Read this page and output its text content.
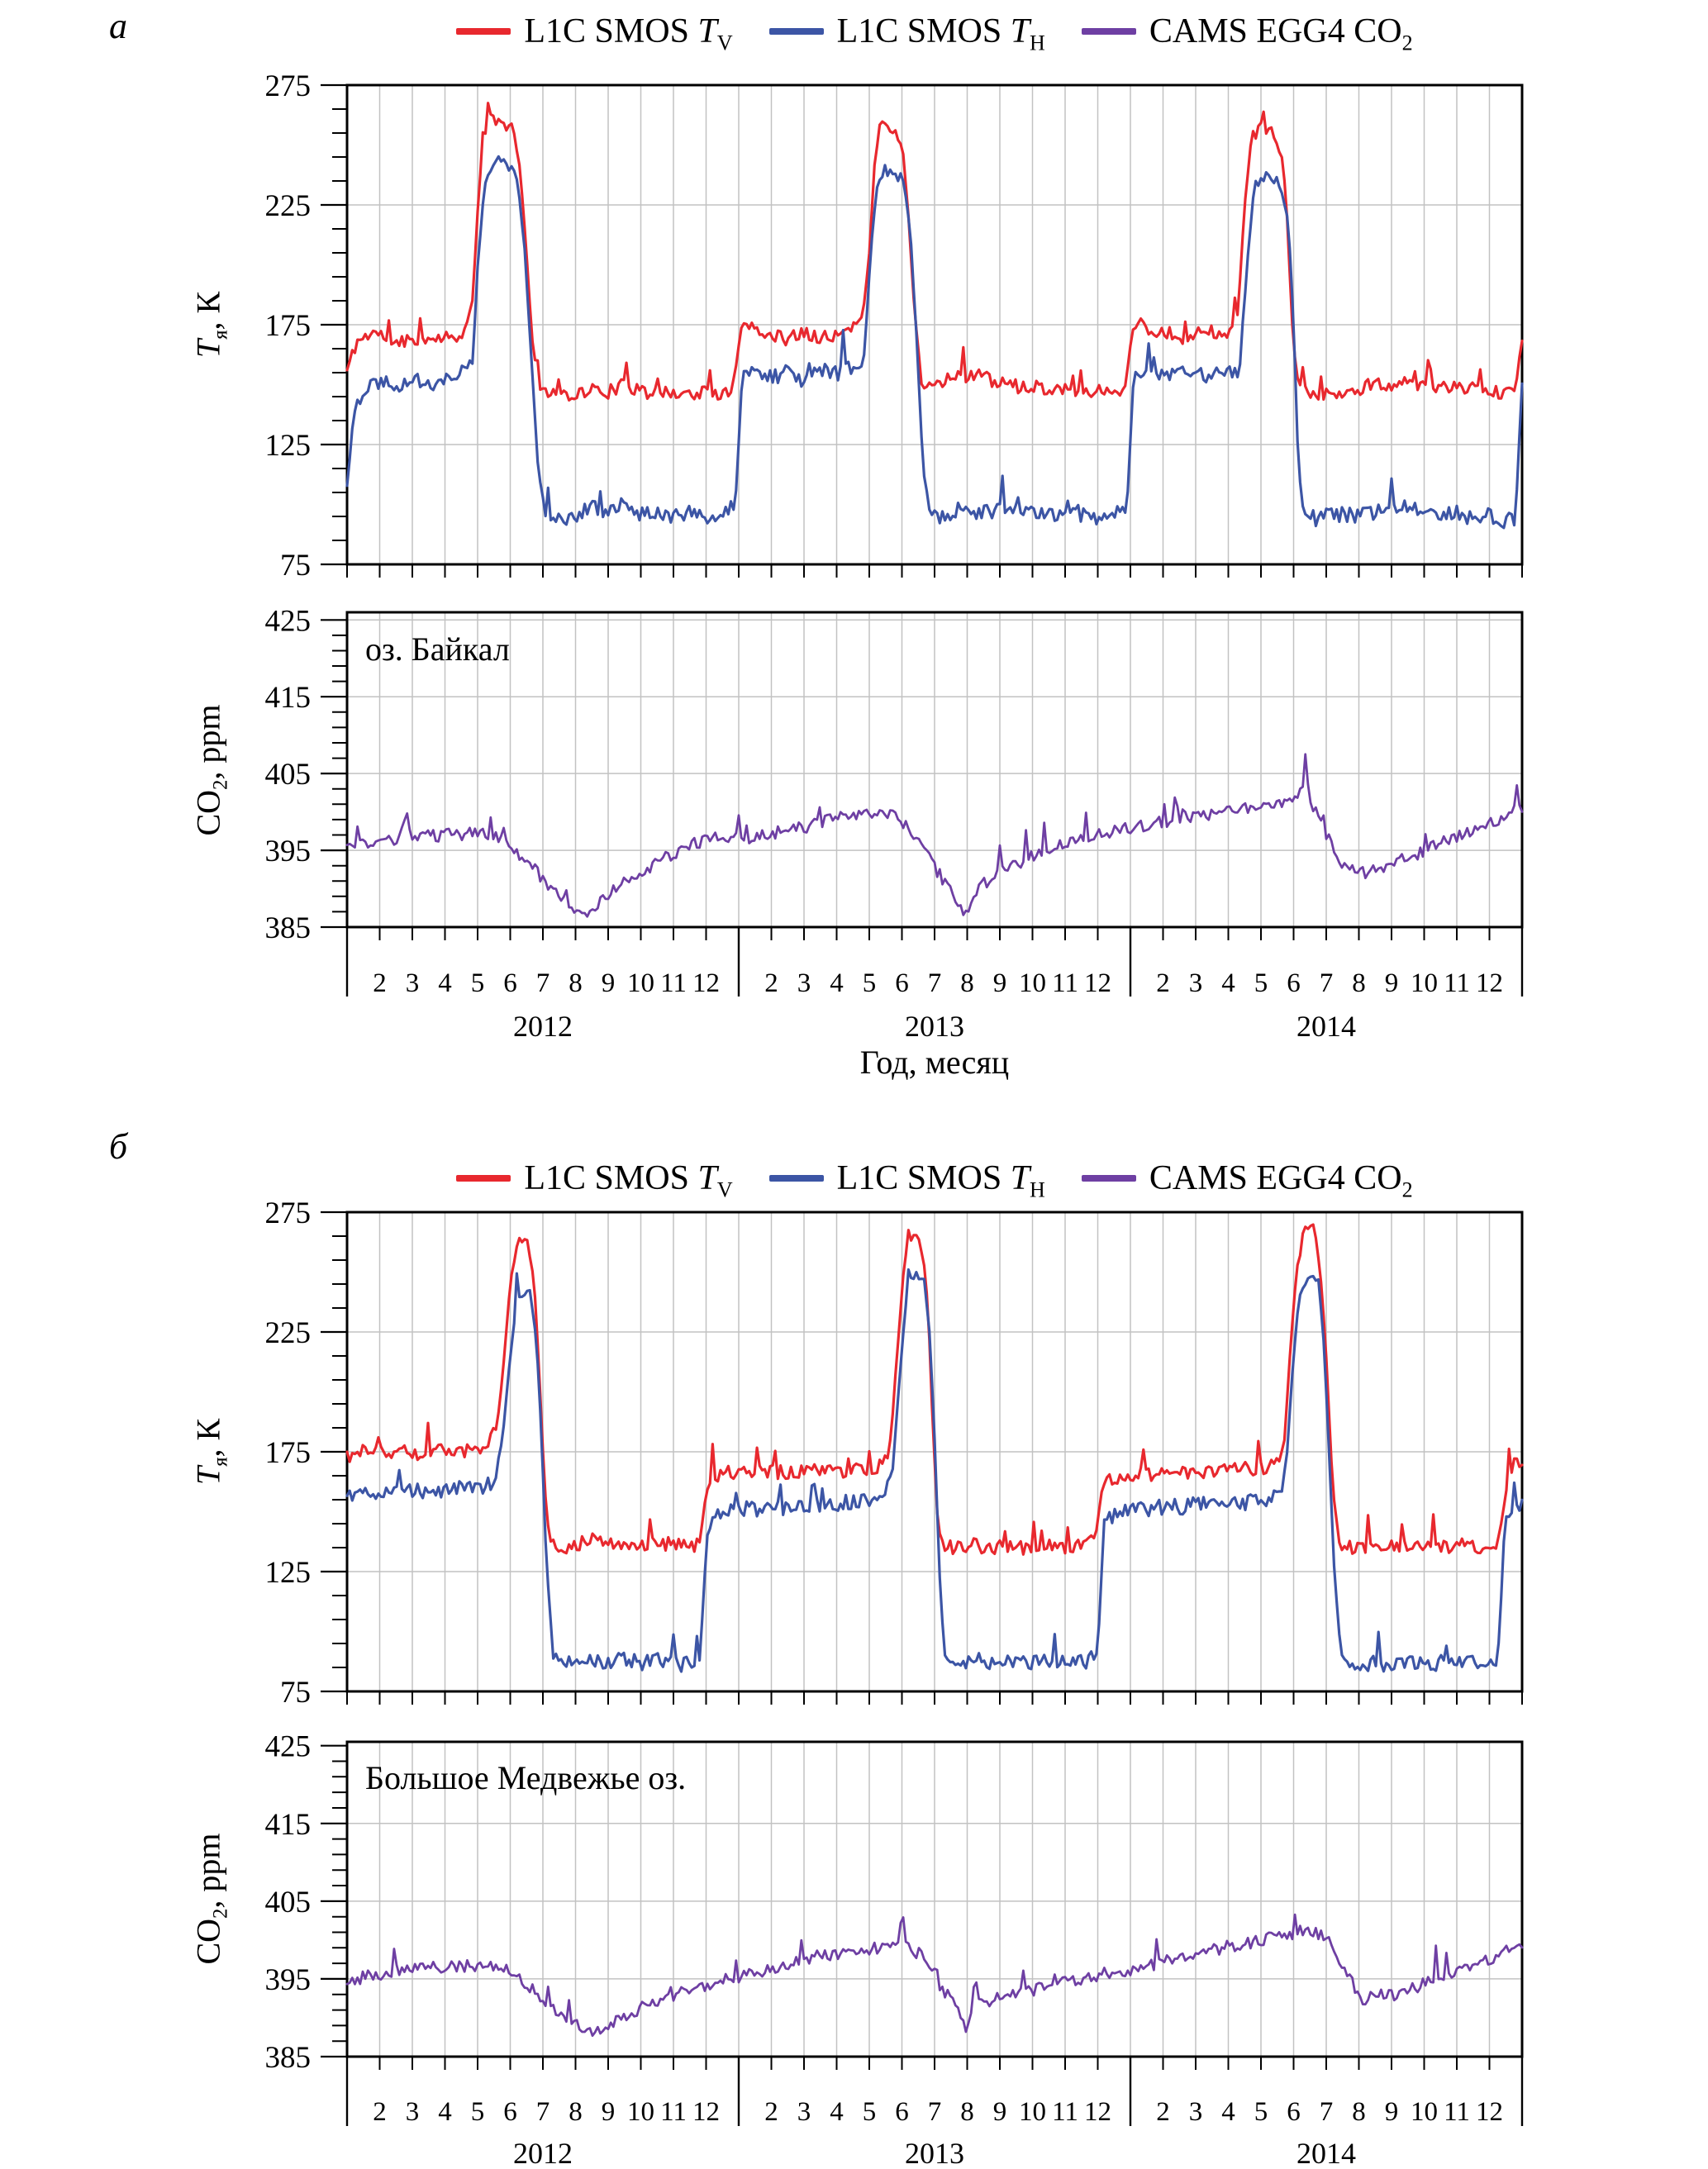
75
125
175
225
275
385
395
405
415
425
2 3 4 5 6 7 8 9 10 11 12
2012
2 3 4 5 6 7 8 9 10 11 12
2013
2 3 4 5 6 7 8 9 10 11 12
2014
75
125
175
225
275
385
395
405
415
425
2 3 4 5 6 7 8 9 10 11 12
2012
2 3 4 5 6 7 8 9 10 11 12
2013
2 3 4 5 6 7 8 9 10 11 12
2014
а	L1C SMOS $T_V$	L1C SMOS $T_H$	CAMS EGG4 $CO_2$
$Т_я$, К
$CO_2$, ppm
оз. Байкал
Год, месяц
б
L1C SMOS $T_V$	L1C SMOS $T_H$	CAMS EGG4 $CO_2$
$Т_я$, К
$CO_2$, ppm
Большое Медвежье оз.
